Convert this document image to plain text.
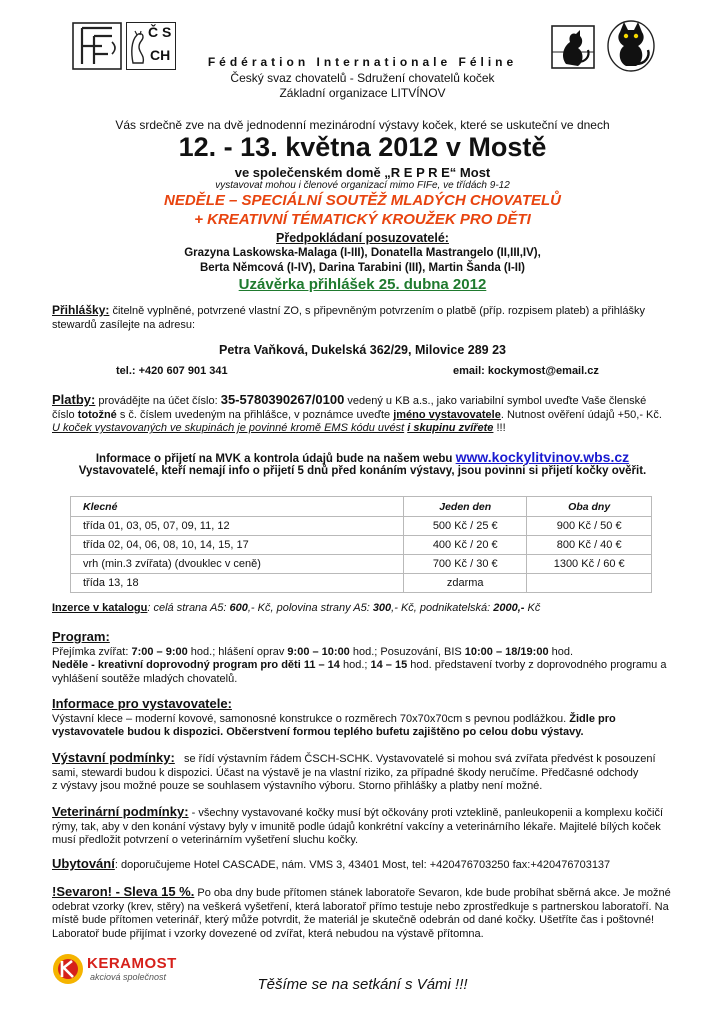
Č S
CH	Fédération Internationale Féline
Český svaz chovatelů - Sdružení chovatelů koček
Základní organizace LITVÍNOV
Vás srdečně zve na dvě jednodenní mezinárodní výstavy koček, které se uskuteční ve dnech
12. - 13. května 2012 v Mostě
ve společenském domě „R E P R E“ Most
vystavovat mohou i členové organizací mimo FIFe, ve třídách 9-12
NEDĚLE – SPECIÁLNÍ SOUTĚŽ MLADÝCH CHOVATELŮ
+ KREATIVNÍ TÉMATICKÝ KROUŽEK PRO DĚTI
Předpokládaní posuzovatelé:
Grazyna Laskowska-Malaga (I-III), Donatella Mastrangelo (II,III,IV),
Berta Němcová (I-IV), Darina Tarabini (III), Martin Šanda (I-II)
Uzávěrka přihlášek 25. dubna 2012
Přihlášky: čitelně vyplněné, potvrzené vlastní ZO, s připevněným potvrzením o platbě (příp. rozpisem plateb) a přihlášky
stewardů zasílejte na adresu:
Petra Vaňková, Dukelská 362/29, Milovice 289 23
tel.: +420 607 901 341	email: kockymost@email.cz
Platby: provádějte na účet číslo: 35-5780390267/0100 vedený u KB a.s., jako variabilní symbol uveďte Vaše členské
číslo totožné s č. číslem uvedeným na přihlášce, v poznámce uveďte jméno vystavovatele. Nutnost ověření údajů +50,- Kč.
U koček vystavovaných ve skupinách je povinné kromě EMS kódu uvést i skupinu zvířete !!!
Informace o přijetí na MVK a kontrola údajů bude na našem webu www.kockylitvinov.wbs.cz
Vystavovatelé, kteří nemají info o přijetí 5 dnů před konáním výstavy, jsou povinni si přijetí kočky ověřit.
Klecné	Jeden den	Oba dny
třída 01, 03, 05, 07, 09, 11, 12	500 Kč / 25 €	900 Kč / 50 €
třída 02, 04, 06, 08, 10, 14, 15, 17	400 Kč / 20 €	800 Kč / 40 €
vrh (min.3 zvířata) (dvouklec v ceně)	700 Kč / 30 €	1300 Kč / 60 €
třída 13, 18	zdarma	
Inzerce v katalogu: celá strana A5: 600,- Kč, polovina strany A5: 300,- Kč, podnikatelská: 2000,- Kč
Program:
Přejímka zvířat: 7:00 – 9:00 hod.; hlášení oprav 9:00 – 10:00 hod.; Posuzování, BIS 10:00 – 18/19:00 hod.
Neděle - kreativní doprovodný program pro děti 11 – 14 hod.; 14 – 15 hod. představení tvorby z doprovodného programu a
vyhlášení soutěže mladých chovatelů.
Informace pro vystavovatele:
Výstavní klece – moderní kovové, samonosné konstrukce o rozměrech 70x70x70cm s pevnou podlážkou. Židle pro
vystavovatele budou k dispozici. Občerstvení formou teplého bufetu zajištěno po celou dobu výstavy.
Výstavní podmínky: se řídí výstavním řádem ČSCH-SCHK. Vystavovatelé si mohou svá zvířata předvést k posouzení
sami, stewardi budou k dispozici. Účast na výstavě je na vlastní riziko, za případné škody neručíme. Předčasné odchody
z výstavy jsou možné pouze se souhlasem výstavního výboru. Storno přihlášky a platby není možné.
Veterinární podmínky: - všechny vystavované kočky musí být očkovány proti vzteklině, panleukopenii a komplexu kočičí
rýmy, tak, aby v den konání výstavy byly v imunitě podle údajů konkrétní vakcíny a veterinárního lékaře. Majitelé bílých koček
musí předložit potvrzení o veterinárním vyšetření sluchu kočky.
Ubytování: doporučujeme Hotel CASCADE, nám. VMS 3, 43401 Most, tel: +420476703250 fax:+420476703137
!Sevaron! - Sleva 15 %. Po oba dny bude přítomen stánek laboratoře Sevaron, kde bude probíhat sběrná akce. Je možné
odebrat vzorky (krev, stěry) na veškerá vyšetření, která laboratoř přímo testuje nebo zprostředkuje s partnerskou laboratoří. Na
místě bude přítomen veterinář, který může potvrdit, že materiál je skutečně odebrán od dané kočky. Ušetříte čas i poštovné!
Laboratoř bude přijímat i vzorky dovezené od zvířat, která nebudou na výstavě přítomna.
KERAMOST
akciová společnost	Těšíme se na setkání s Vámi !!!
